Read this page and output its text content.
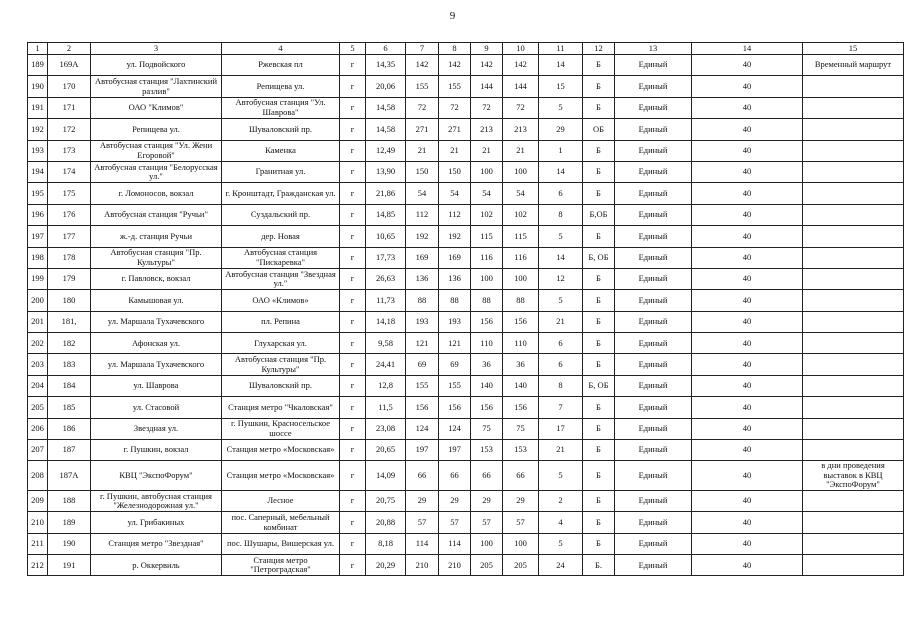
9
1	2	3	4	5	6	7	8	9	10	11	12	13	14	15
189	169А	ул. Подвойского	Ржевская пл	г	14,35	142	142	142	142	14	Б	Единый	40	Временный маршрут
190	170	Автобусная станция "Лахтинский разлив"	Репищева ул.	г	20,06	155	155	144	144	15	Б	Единый	40	
191	171	ОАО "Климов"	Автобусная станция "Ул. Шаврова"	г	14,58	72	72	72	72	5	Б	Единый	40	
192	172	Репищева ул.	Шуваловский пр.	г	14,58	271	271	213	213	29	ОБ	Единый	40	
193	173	Автобусная станция "Ул. Жени Егоровой"	Каменка	г	12,49	21	21	21	21	1	Б	Единый	40	
194	174	Автобусная станция "Белорусская ул."	Гранитная ул.	г	13,90	150	150	100	100	14	Б	Единый	40	
195	175	г. Ломоносов, вокзал	г. Кронштадт, Гражданская ул.	г	21,86	54	54	54	54	6	Б	Единый	40	
196	176	Автобусная станция "Ручьи"	Суздальский пр.	г	14,85	112	112	102	102	8	Б,ОБ	Единый	40	
197	177	ж.-д. станция Ручьи	дер. Новая	г	10,65	192	192	115	115	5	Б	Единый	40	
198	178	Автобусная станция "Пр. Культуры"	Автобусная станция "Пискаревка"	г	17,73	169	169	116	116	14	Б, ОБ	Единый	40	
199	179	г. Павловск, вокзал	Автобусная станция "Звездная ул."	г	26,63	136	136	100	100	12	Б	Единый	40	
200	180	Камышовая ул.	ОАО «Климов»	г	11,73	88	88	88	88	5	Б	Единый	40	
201	181,	ул. Маршала Тухачевского	пл. Репина	г	14,18	193	193	156	156	21	Б	Единый	40	
202	182	Афонская ул.	Глухарская ул.	г	9,58	121	121	110	110	6	Б	Единый	40	
203	183	ул. Маршала Тухачевского	Автобусная станция "Пр. Культуры"	г	24,41	69	69	36	36	6	Б	Единый	40	
204	184	ул. Шаврова	Шуваловский пр.	г	12,8	155	155	140	140	8	Б, ОБ	Единый	40	
205	185	ул. Стасовой	Станция метро "Чкаловская"	г	11,5	156	156	156	156	7	Б	Единый	40	
206	186	Звездная ул.	г. Пушкин, Красносельское шоссе	г	23,08	124	124	75	75	17	Б	Единый	40	
207	187	г. Пушкин, вокзал	Станция метро «Московская»	г	20,65	197	197	153	153	21	Б	Единый	40	
208	187А	КВЦ "ЭкспоФорум"	Станция метро «Московская»	г	14,09	66	66	66	66	5	Б	Единый	40	в дни проведения выставок в КВЦ "ЭкспоФорум"
209	188	г. Пушкин, автобусная станция "Железнодорожная ул."	Лесное	г	20,75	29	29	29	29	2	Б	Единый	40	
210	189	ул. Грибакиных	пос. Саперный, мебельный комбинат	г	20,88	57	57	57	57	4	Б	Единый	40	
211	190	Станция метро "Звездная"	пос. Шушары, Вишерская ул.	г	8,18	114	114	100	100	5	Б	Единый	40	
212	191	р. Оккервиль	Станция метро "Петроградская"	г	20,29	210	210	205	205	24	Б.	Единый	40	
